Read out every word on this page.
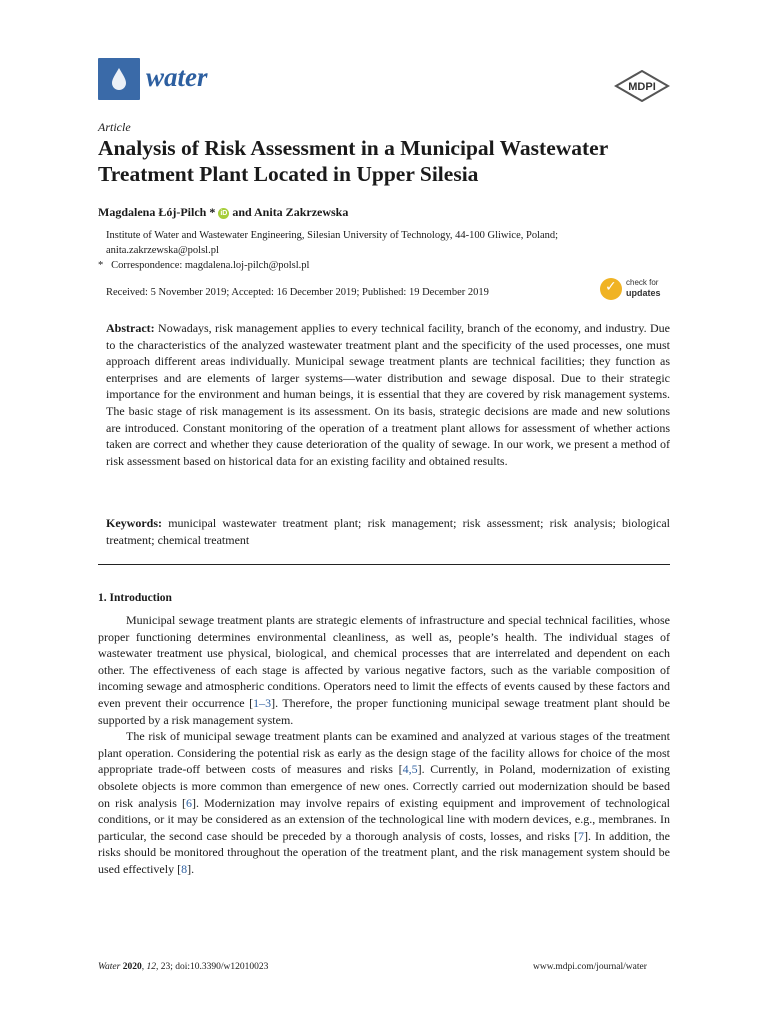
water	MDPI
Article
Analysis of Risk Assessment in a Municipal Wastewater Treatment Plant Located in Upper Silesia
Magdalena Łój-Pilch * iD and Anita Zakrzewska
Institute of Water and Wastewater Engineering, Silesian University of Technology, 44-100 Gliwice, Poland; anita.zakrzewska@polsl.pl
* Correspondence: magdalena.loj-pilch@polsl.pl
Received: 5 November 2019; Accepted: 16 December 2019; Published: 19 December 2019	✓ check for
updates
Abstract: Nowadays, risk management applies to every technical facility, branch of the economy, and industry. Due to the characteristics of the analyzed wastewater treatment plant and the specificity of the used processes, one must approach different areas individually. Municipal sewage treatment plants are technical facilities; they function as enterprises and are elements of larger systems—water distribution and sewage disposal. Due to their strategic importance for the environment and human beings, it is essential that they are covered by risk management systems. The basic stage of risk management is its assessment. On its basis, strategic decisions are made and new solutions are introduced. Constant monitoring of the operation of a treatment plant allows for assessment of whether actions taken are correct and whether they cause deterioration of the quality of sewage. In our work, we present a method of risk assessment based on historical data for an existing facility and obtained results.
Keywords: municipal wastewater treatment plant; risk management; risk assessment; risk analysis; biological treatment; chemical treatment
1. Introduction

Municipal sewage treatment plants are strategic elements of infrastructure and special technical facilities, whose proper functioning determines environmental cleanliness, as well as, people’s health. The individual stages of wastewater treatment use physical, biological, and chemical processes that are interrelated and dependent on each other. The effectiveness of each stage is affected by various negative factors, such as the variable composition of incoming sewage and atmospheric conditions. Operators need to limit the effects of events caused by these factors and even prevent their occurrence [1–3]. Therefore, the proper functioning municipal sewage treatment plant should be supported by a risk management system.

The risk of municipal sewage treatment plants can be examined and analyzed at various stages of the treatment plant operation. Considering the potential risk as early as the design stage of the facility allows for choice of the most appropriate trade-off between costs of measures and risks [4,5]. Currently, in Poland, modernization of existing obsolete objects is more common than emergence of new ones. Correctly carried out modernization should be based on risk analysis [6]. Modernization may involve repairs of existing equipment and improvement of technological conditions, or it may be considered as an extension of the technological line with modern devices, e.g., membranes. In particular, the second case should be preceded by a thorough analysis of costs, losses, and risks [7]. In addition, the risks should be monitored throughout the operation of the treatment plant, and the risk management system should be used effectively [8].

Water 2020, 12, 23; doi:10.3390/w12010023	www.mdpi.com/journal/water
